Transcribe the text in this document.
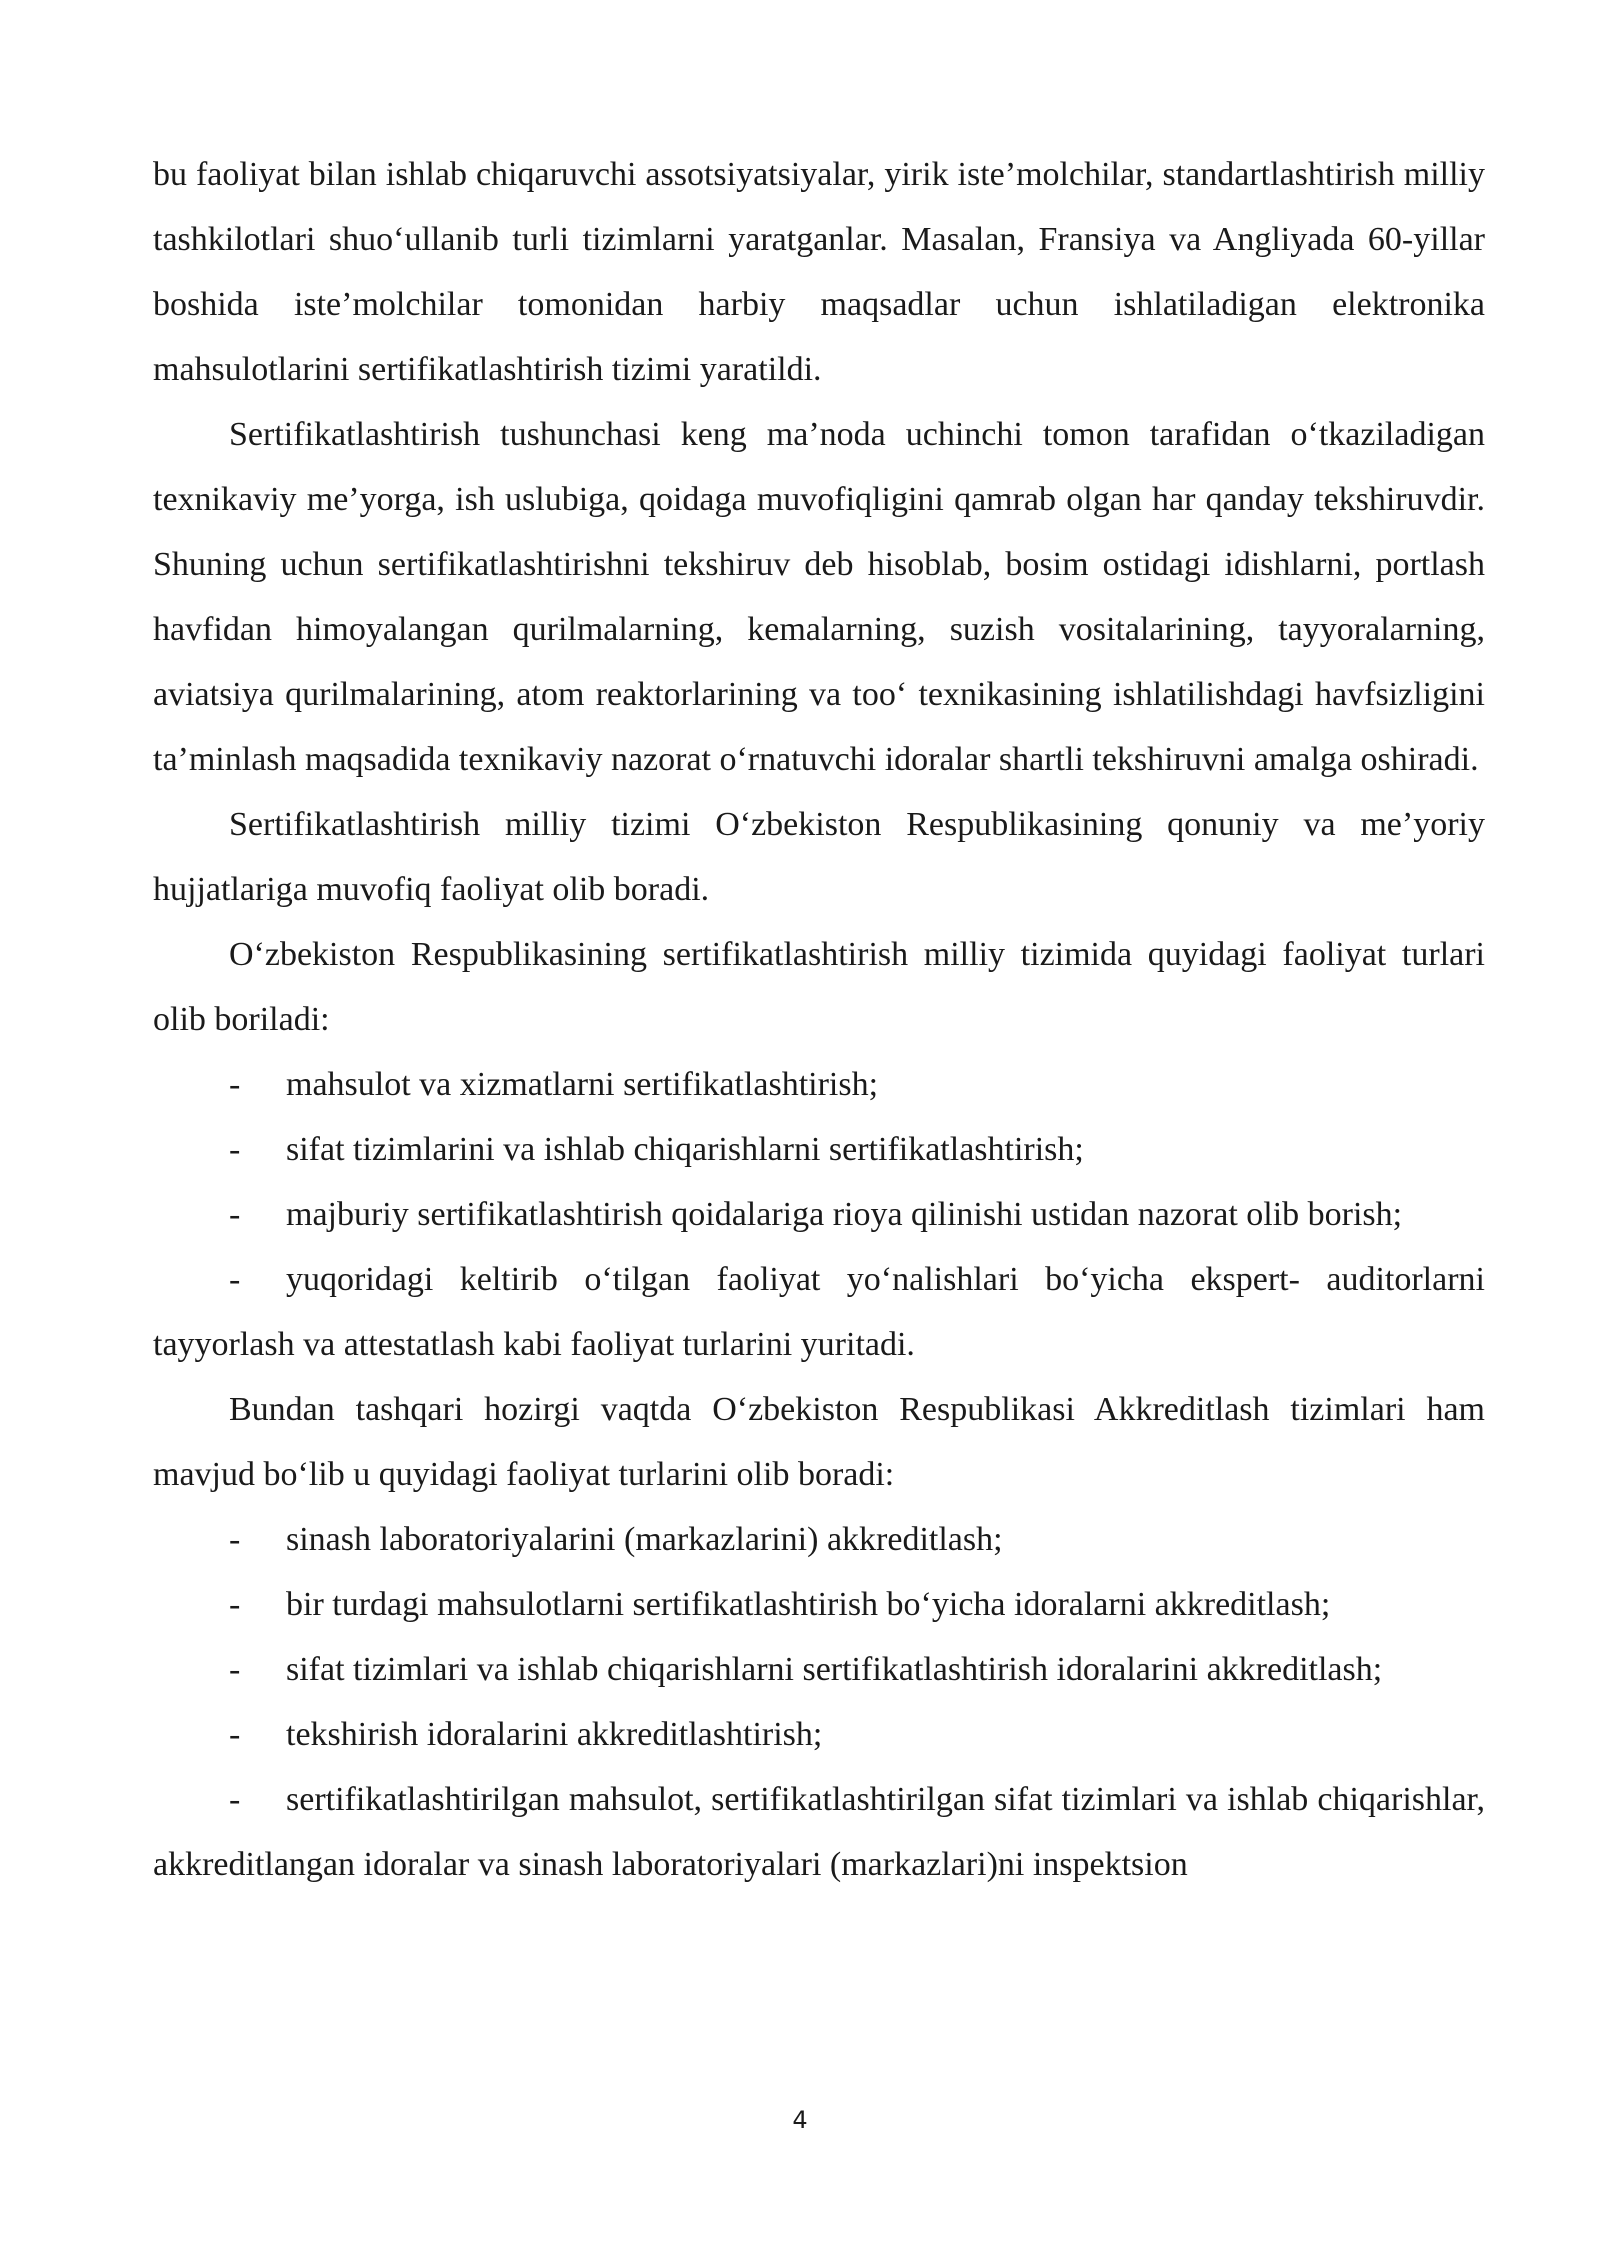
bu faoliyat bilan ishlab chiqaruvchi assotsiyatsiyalar, yirik iste’molchilar, standartlashtirish milliy tashkilotlari shuo‘ullanib turli tizimlarni yaratganlar. Masalan, Fransiya va Angliyada 60-yillar boshida iste’molchilar tomonidan harbiy maqsadlar uchun ishlatiladigan elektronika mahsulotlarini sertifikatlashtirish tizimi yaratildi.

Sertifikatlashtirish tushunchasi keng ma’noda uchinchi tomon tarafidan o‘tkaziladigan texnikaviy me’yorga, ish uslubiga, qoidaga muvofiqligini qamrab olgan har qanday tekshiruvdir. Shuning uchun sertifikatlashtirishni tekshiruv deb hisoblab, bosim ostidagi idishlarni, portlash havfidan himoyalangan qurilmalarning, kemalarning, suzish vositalarining, tayyoralarning, aviatsiya qurilmalarining, atom reaktorlarining va too‘ texnikasining ishlatilishdagi havfsizligini ta’minlash maqsadida texnikaviy nazorat o‘rnatuvchi idoralar shartli tekshiruvni amalga oshiradi.

Sertifikatlashtirish milliy tizimi O‘zbekiston Respublikasining qonuniy va me’yoriy hujjatlariga muvofiq faoliyat olib boradi.

O‘zbekiston Respublikasining sertifikatlashtirish milliy tizimida quyidagi faoliyat turlari olib boriladi:

- mahsulot va xizmatlarni sertifikatlashtirish;

- sifat tizimlarini va ishlab chiqarishlarni sertifikatlashtirish;

- majburiy sertifikatlashtirish qoidalariga rioya qilinishi ustidan nazorat olib borish;

- yuqoridagi keltirib o‘tilgan faoliyat yo‘nalishlari bo‘yicha ekspert- auditorlarni tayyorlash va attestatlash kabi faoliyat turlarini yuritadi.

Bundan tashqari hozirgi vaqtda O‘zbekiston Respublikasi Akkreditlash tizimlari ham mavjud bo‘lib u quyidagi faoliyat turlarini olib boradi:

- sinash laboratoriyalarini (markazlarini) akkreditlash;

- bir turdagi mahsulotlarni sertifikatlashtirish bo‘yicha idoralarni akkreditlash;

- sifat tizimlari va ishlab chiqarishlarni sertifikatlashtirish idoralarini akkreditlash;

- tekshirish idoralarini akkreditlashtirish;

- sertifikatlashtirilgan mahsulot, sertifikatlashtirilgan sifat tizimlari va ishlab chiqarishlar, akkreditlangan idoralar va sinash laboratoriyalari (markazlari)ni inspektsion

4
